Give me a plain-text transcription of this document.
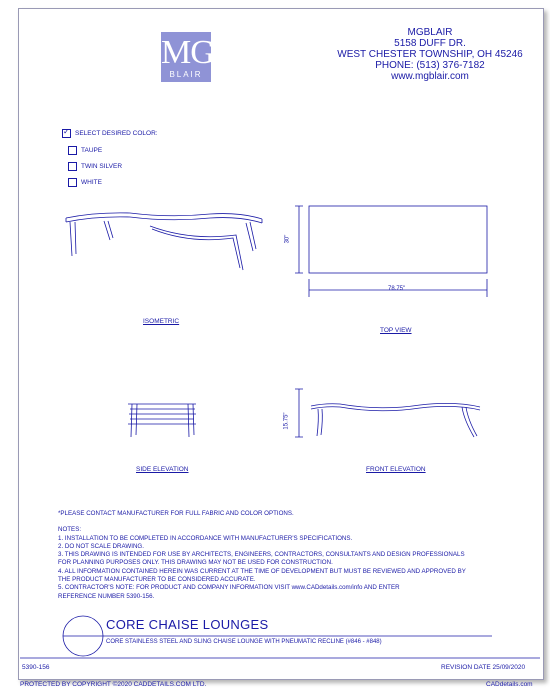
MG
BLAIR
MGBLAIR
5158 DUFF DR.
WEST CHESTER TOWNSHIP, OH 45246
PHONE: (513) 376-7182
www.mgblair.com
✓
SELECT DESIRED COLOR:
TAUPE
TWIN SILVER
WHITE
30"
78.75"
15.75"
ISOMETRIC
TOP VIEW
SIDE ELEVATION	FRONT ELEVATION
*PLEASE CONTACT MANUFACTURER FOR FULL FABRIC AND COLOR OPTIONS.
NOTES:
1. INSTALLATION TO BE COMPLETED IN ACCORDANCE WITH MANUFACTURER'S SPECIFICATIONS.
2. DO NOT SCALE DRAWING.
3. THIS DRAWING IS INTENDED FOR USE BY ARCHITECTS, ENGINEERS, CONTRACTORS, CONSULTANTS AND DESIGN PROFESSIONALS
FOR PLANNING PURPOSES ONLY. THIS DRAWING MAY NOT BE USED FOR CONSTRUCTION.
4. ALL INFORMATION CONTAINED HEREIN WAS CURRENT AT THE TIME OF DEVELOPMENT BUT MUST BE REVIEWED AND APPROVED BY
THE PRODUCT MANUFACTURER TO BE CONSIDERED ACCURATE.
5. CONTRACTOR'S NOTE: FOR PRODUCT AND COMPANY INFORMATION VISIT www.CADdetails.com/info AND ENTER
REFERENCE NUMBER 5390-156.
CORE CHAISE LOUNGES
CORE STAINLESS STEEL AND SLING CHAISE LOUNGE WITH PNEUMATIC RECLINE (#846 - #848)
5390-156	REVISION DATE 25/09/2020
PROTECTED BY COPYRIGHT ©2020 CADDETAILS.COM LTD.	CADdetails.com
